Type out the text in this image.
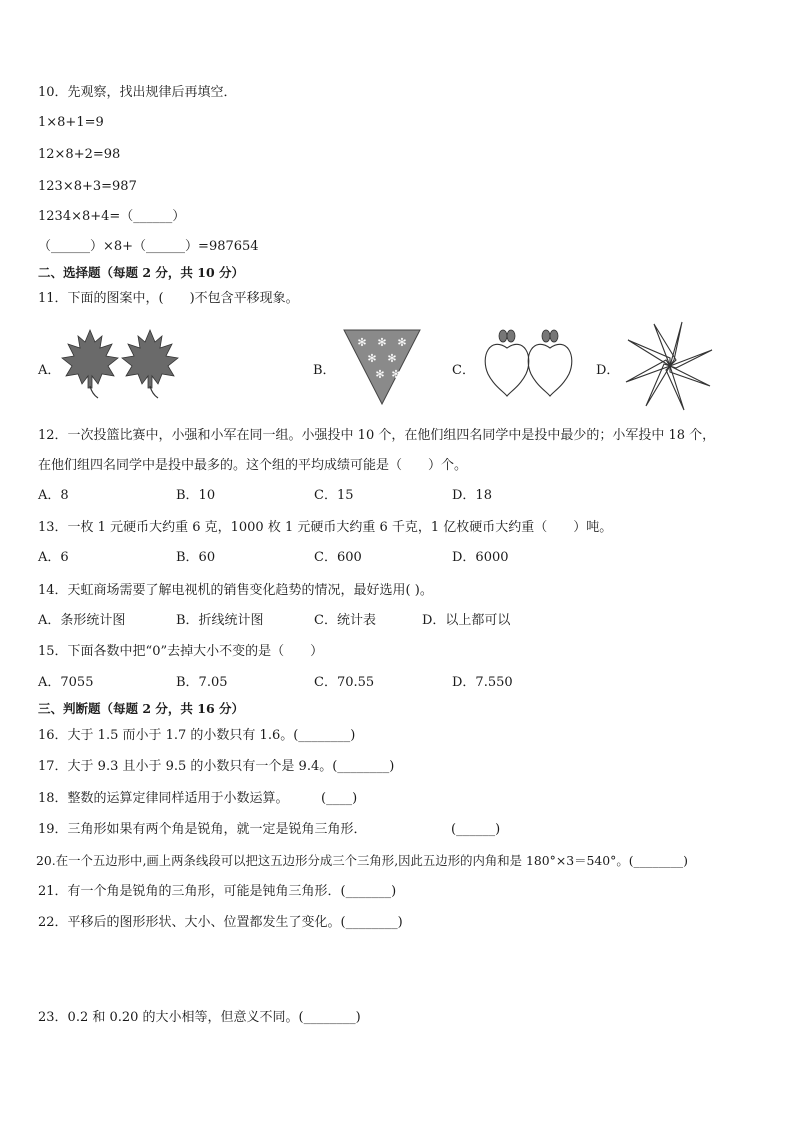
10．先观察，找出规律后再填空．
1×8+1=9
12×8+2=98
123×8+3=987
1234×8+4=（______）
（______）×8+（______）=987654
二、选择题（每题 2 分，共 10 分）
11．下面的图案中，(　　)不包含平移现象。
A．	B．
✻ ✻ ✻
✻ ✻
✻ ✻	C．	D．
12．一次投篮比赛中，小强和小军在同一组。小强投中 10 个，在他们组四名同学中是投中最少的；小军投中 18 个，
在他们组四名同学中是投中最多的。这个组的平均成绩可能是（　　）个。
A．8	B．10	C．15	D．18
13．一枚 1 元硬币大约重 6 克，1000 枚 1 元硬币大约重 6 千克，1 亿枚硬币大约重（　　）吨。
A．6	B．60	C．600	D．6000
14．天虹商场需要了解电视机的销售变化趋势的情况，最好选用( )。
A．条形统计图	B．折线统计图	C．统计表	D．以上都可以
15．下面各数中把“0”去掉大小不变的是（　　）
A．7055	B．7.05	C．70.55	D．7.550
三、判断题（每题 2 分，共 16 分）
16．大于 1.5 而小于 1.7 的小数只有 1.6。(________)
17．大于 9.3 且小于 9.5 的小数只有一个是 9.4。(________)
18．整数的运算定律同样适用于小数运算。　　　(____)
19．三角形如果有两个角是锐角，就一定是锐角三角形．　　　　　　　(______)
20.在一个五边形中,画上两条线段可以把这五边形分成三个三角形,因此五边形的内角和是 180°×3＝540°。(________)
21．有一个角是锐角的三角形，可能是钝角三角形．(_______)
22．平移后的图形形状、大小、位置都发生了变化。(________)
23．0.2 和 0.20 的大小相等，但意义不同。(________)
